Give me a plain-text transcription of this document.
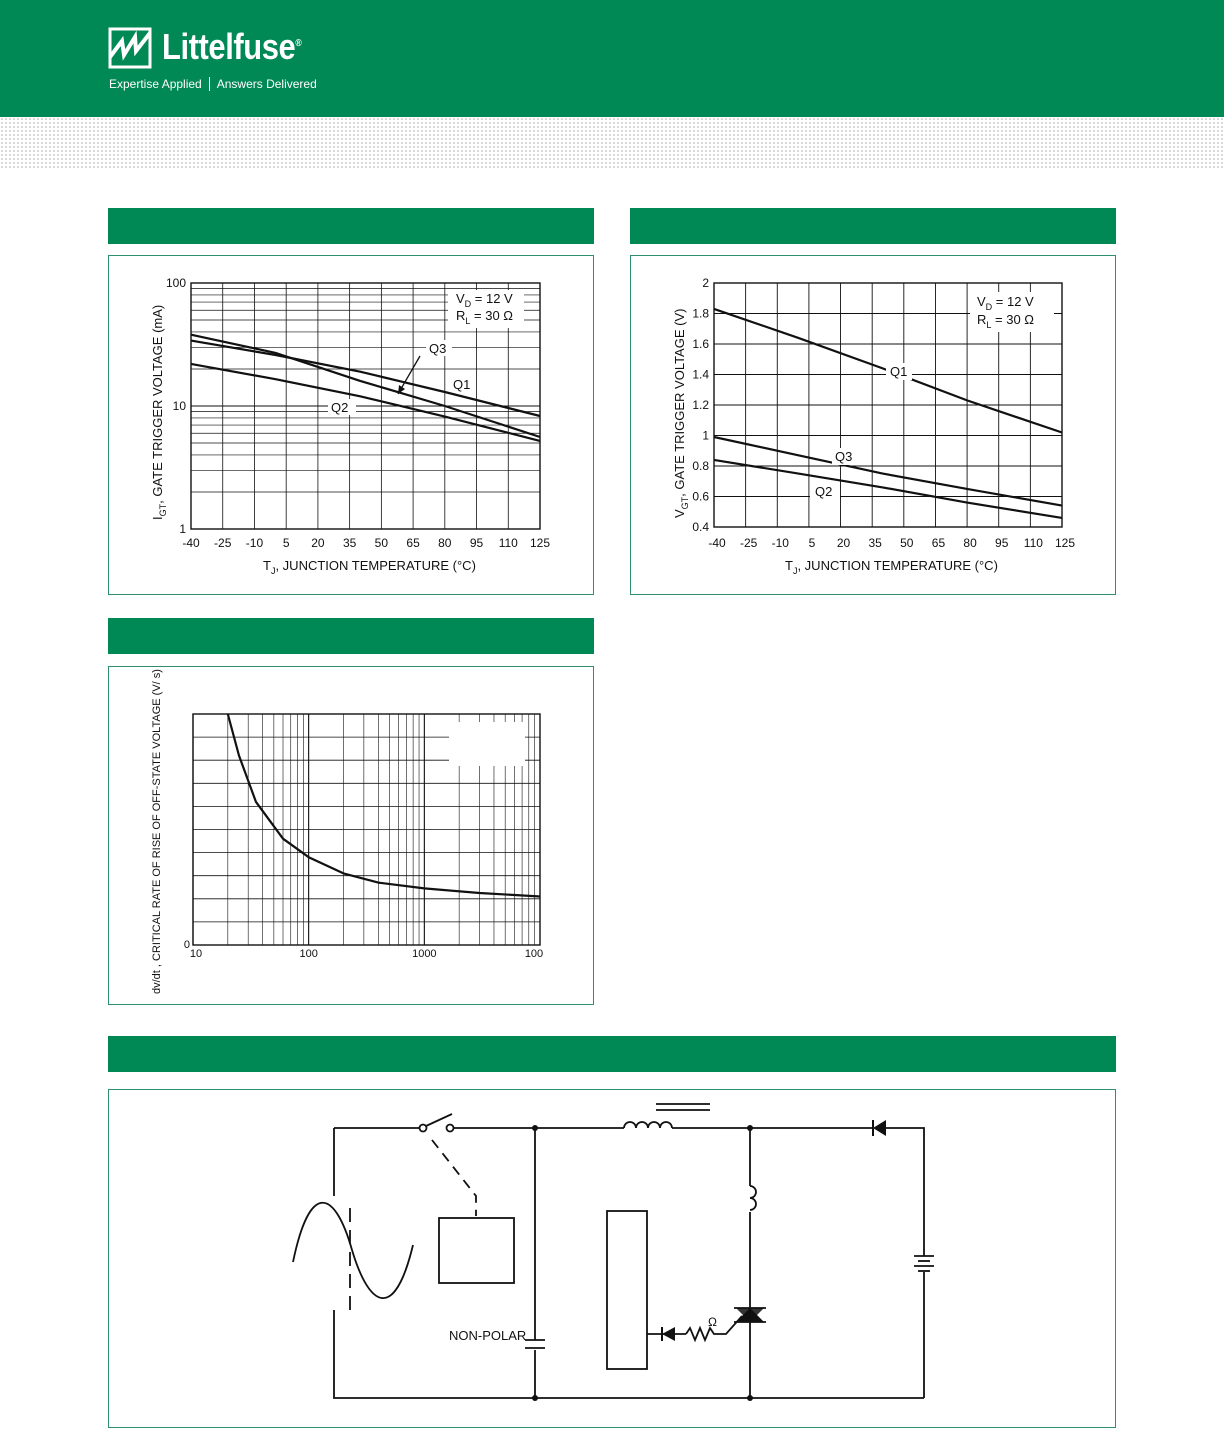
Littelfuse®
Expertise Applied Answers Delivered
1
10
100
-40 -25 -10 5 20 35 50 65 80 95 110 125
$I_{GT}$, GATE TRIGGER VOLTAGE (mA)
$T_J$, JUNCTION TEMPERATURE (°C)
$V_D = 12$ V
$R_L = 30$ Ω
Q3
Q1
Q2
0.4
0.6
0.8
1
1.2
1.4
1.6
1.8
2
-40 -25 -10 5 20 35 50 65 80 95 110 125
$V_{GT}$, GATE TRIGGER VOLTAGE (V)
$T_J$, JUNCTION TEMPERATURE (°C)
$V_D = 12$ V
$R_L = 30$ Ω
Q1
Q3
Q2
10	100	1000	100
0
dv/dt , CRITICAL RATE OF RISE OF OFF-STATE VOLTAGE (V/ s)
NON-POLAR
Ω
